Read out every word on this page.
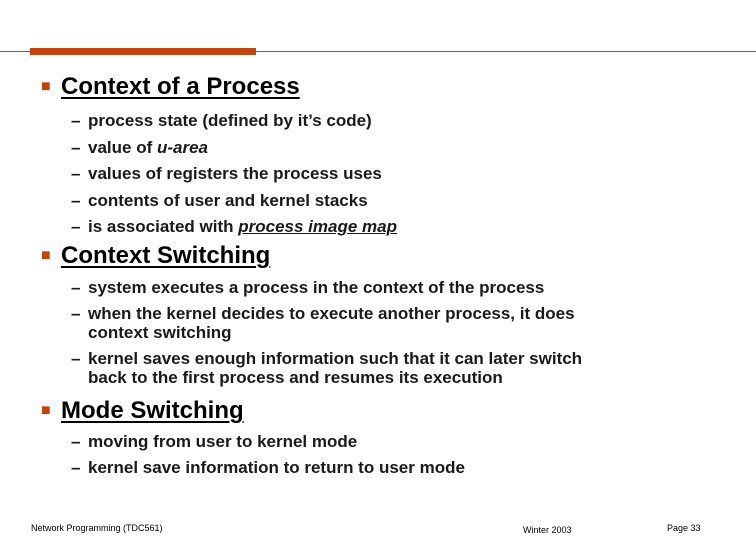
■ Context of a Process
– process state (defined by it’s code)
– value of u-area
– values of registers the process uses
– contents of user and kernel stacks
– is associated with process image map
■ Context Switching
– system executes a process in the context of the process
– when the kernel decides to execute another process, it does
context switching
– kernel saves enough information such that it can later switch
back to the first process and resumes its execution
■ Mode Switching
– moving from user to kernel mode
– kernel save information to return to user mode
Network Programming (TDC561)	Winter 2003	Page 33
